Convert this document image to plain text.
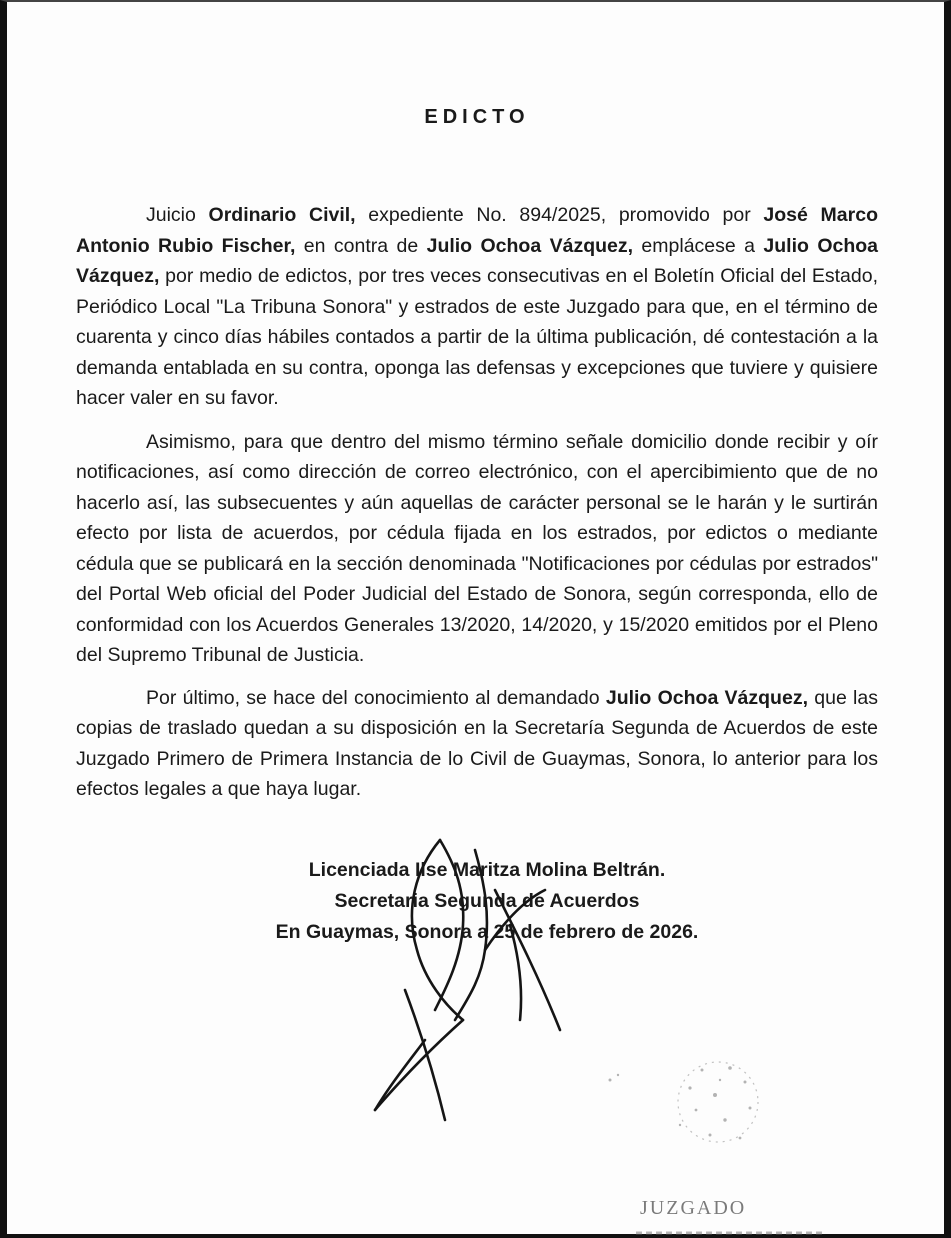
EDICTO

Juicio Ordinario Civil, expediente No. 894/2025, promovido por José Marco Antonio Rubio Fischer, en contra de Julio Ochoa Vázquez, emplácese a Julio Ochoa Vázquez, por medio de edictos, por tres veces consecutivas en el Boletín Oficial del Estado, Periódico Local "La Tribuna Sonora" y estrados de este Juzgado para que, en el término de cuarenta y cinco días hábiles contados a partir de la última publicación, dé contestación a la demanda entablada en su contra, oponga las defensas y excepciones que tuviere y quisiere hacer valer en su favor.

Asimismo, para que dentro del mismo término señale domicilio donde recibir y oír notificaciones, así como dirección de correo electrónico, con el apercibimiento que de no hacerlo así, las subsecuentes y aún aquellas de carácter personal se le harán y le surtirán efecto por lista de acuerdos, por cédula fijada en los estrados, por edictos o mediante cédula que se publicará en la sección denominada "Notificaciones por cédulas por estrados" del Portal Web oficial del Poder Judicial del Estado de Sonora, según corresponda, ello de conformidad con los Acuerdos Generales 13/2020, 14/2020, y 15/2020 emitidos por el Pleno del Supremo Tribunal de Justicia.

Por último, se hace del conocimiento al demandado Julio Ochoa Vázquez, que las copias de traslado quedan a su disposición en la Secretaría Segunda de Acuerdos de este Juzgado Primero de Primera Instancia de lo Civil de Guaymas, Sonora, lo anterior para los efectos legales a que haya lugar.

Licenciada Ilse Maritza Molina Beltrán.
Secretaria Segunda de Acuerdos
En Guaymas, Sonora a 25 de febrero de 2026.
JUZGADO
